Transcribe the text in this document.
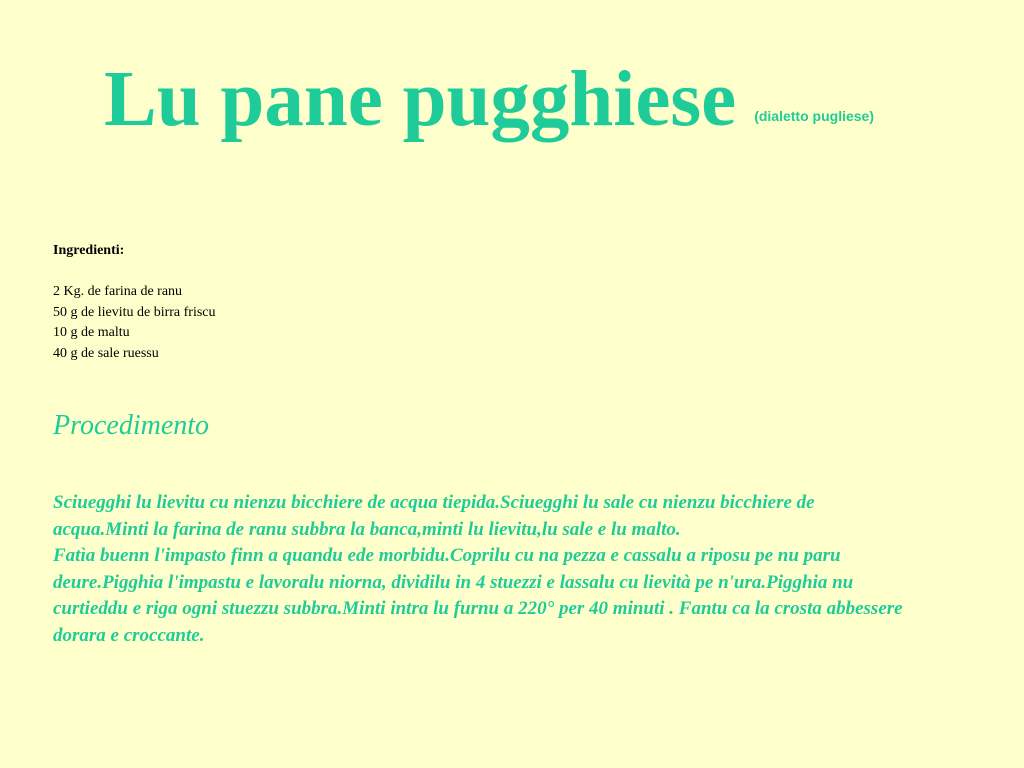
Lu pane pugghiese (dialetto pugliese)
Ingredienti:
2 Kg. de farina de ranu
50 g de lievitu de birra friscu
10 g de maltu
40 g de sale ruessu
Procedimento

Sciuegghi lu lievitu cu nienzu bicchiere de acqua tiepida.Sciuegghi lu sale cu nienzu bicchiere de acqua.Minti la farina de ranu subbra la banca,minti lu lievitu,lu sale e lu malto.

Fatìa buenn l'impasto finn a quandu ede morbidu.Coprilu cu na pezza e cassalu a riposu pe nu paru deure.Pigghia l'impastu e lavoralu niorna, dividilu in 4 stuezzi e lassalu cu lievità pe n'ura.Pigghia nu curtieddu e riga ogni stuezzu subbra.Minti intra lu furnu a 220° per 40 minuti . Fantu ca la crosta abbessere dorara e croccante.
